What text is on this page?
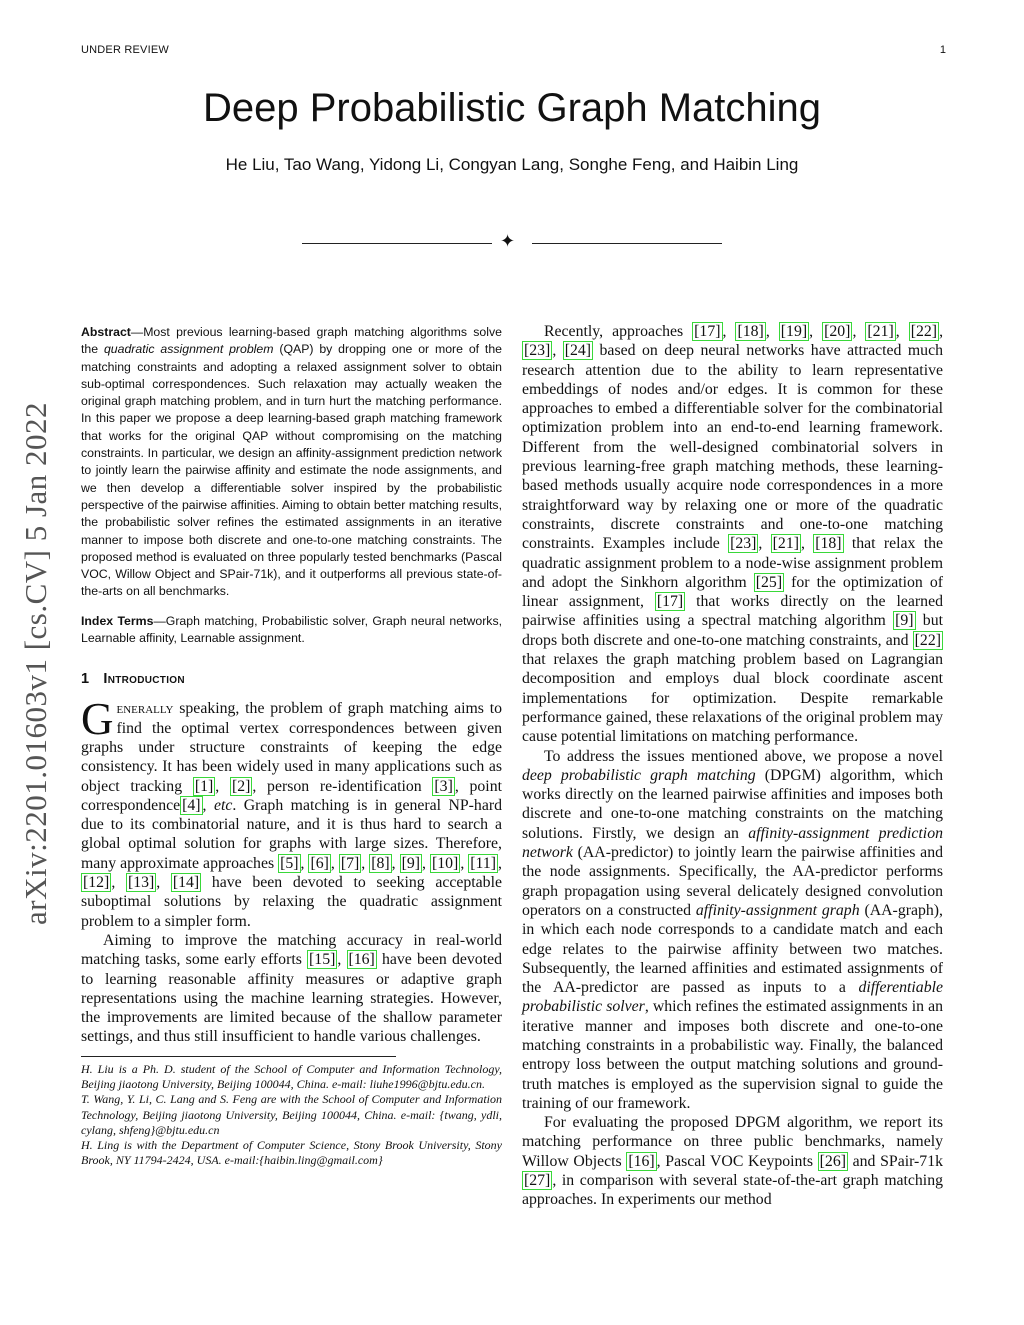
UNDER REVIEW	1
Deep Probabilistic Graph Matching
He Liu, Tao Wang, Yidong Li, Congyan Lang, Songhe Feng, and Haibin Ling
✦
arXiv:2201.01603v1 [cs.CV] 5 Jan 2022
Abstract—Most previous learning-based graph matching algorithms solve the quadratic assignment problem (QAP) by dropping one or more of the matching constraints and adopting a relaxed assignment solver to obtain sub-optimal correspondences. Such relaxation may actually weaken the original graph matching problem, and in turn hurt the matching performance. In this paper we propose a deep learning-based graph matching framework that works for the original QAP without compromising on the matching constraints. In particular, we design an affinity-assignment prediction network to jointly learn the pairwise affinity and estimate the node assignments, and we then develop a differentiable solver inspired by the probabilistic perspective of the pairwise affinities. Aiming to obtain better matching results, the probabilistic solver refines the estimated assignments in an iterative manner to impose both discrete and one-to-one matching constraints. The proposed method is evaluated on three popularly tested benchmarks (Pascal VOC, Willow Object and SPair-71k), and it outperforms all previous state-of-the-arts on all benchmarks.
Index Terms—Graph matching, Probabilistic solver, Graph neural networks, Learnable affinity, Learnable assignment.
1 Introduction
Generally speaking, the problem of graph matching aims to find the optimal vertex correspondences between given graphs under structure constraints of keeping the edge consistency. It has been widely used in many applications such as object tracking [1] , [2] , person re-identification [3] , point correspondence [4] , etc. Graph matching is in general NP-hard due to its combinatorial nature, and it is thus hard to search a global optimal solution for graphs with large sizes. Therefore, many approximate approaches [5] , [6] , [7] , [8] , [9] , [10] , [11] , [12] , [13] , [14] have been devoted to seeking acceptable suboptimal solutions by relaxing the quadratic assignment problem to a simpler form.
Aiming to improve the matching accuracy in real-world matching tasks, some early efforts [15] , [16] have been devoted to learning reasonable affinity measures or adaptive graph representations using the machine learning strategies. However, the improvements are limited because of the shallow parameter settings, and thus still insufficient to handle various challenges.
H. Liu is a Ph. D. student of the School of Computer and Information Technology, Beijing jiaotong University, Beijing 100044, China. e-mail: liuhe1996@bjtu.edu.cn.
T. Wang, Y. Li, C. Lang and S. Feng are with the School of Computer and Information Technology, Beijing jiaotong University, Beijing 100044, China. e-mail: {twang, ydli, cylang, shfeng}@bjtu.edu.cn
H. Ling is with the Department of Computer Science, Stony Brook University, Stony Brook, NY 11794-2424, USA. e-mail:{haibin.ling@gmail.com}
Recently, approaches [17] , [18] , [19] , [20] , [21] , [22] , [23] , [24] based on deep neural networks have attracted much research attention due to the ability to learn representative embeddings of nodes and/or edges. It is common for these approaches to embed a differentiable solver for the combinatorial optimization problem into an end-to-end learning framework. Different from the well-designed combinatorial solvers in previous learning-free graph matching methods, these learning-based methods usually acquire node correspondences in a more straightforward way by relaxing one or more of the quadratic constraints, discrete constraints and one-to-one matching constraints. Examples include [23] , [21] , [18] that relax the quadratic assignment problem to a node-wise assignment problem and adopt the Sinkhorn algorithm [25] for the optimization of linear assignment, [17] that works directly on the learned pairwise affinities using a spectral matching algorithm [9] but drops both discrete and one-to-one matching constraints, and [22] that relaxes the graph matching problem based on Lagrangian decomposition and employs dual block coordinate ascent implementations for optimization. Despite remarkable performance gained, these relaxations of the original problem may cause potential limitations on matching performance.
To address the issues mentioned above, we propose a novel deep probabilistic graph matching (DPGM) algorithm, which works directly on the learned pairwise affinities and imposes both discrete and one-to-one matching constraints on the matching solutions. Firstly, we design an affinity-assignment prediction network (AA-predictor) to jointly learn the pairwise affinities and the node assignments. Specifically, the AA-predictor performs graph propagation using several delicately designed convolution operators on a constructed affinity-assignment graph (AA-graph), in which each node corresponds to a candidate match and each edge relates to the pairwise affinity between two matches. Subsequently, the learned affinities and estimated assignments of the AA-predictor are passed as inputs to a differentiable probabilistic solver, which refines the estimated assignments in an iterative manner and imposes both discrete and one-to-one matching constraints in a probabilistic way. Finally, the balanced entropy loss between the output matching solutions and ground-truth matches is employed as the supervision signal to guide the training of our framework.
For evaluating the proposed DPGM algorithm, we report its matching performance on three public benchmarks, namely Willow Objects [16] , Pascal VOC Keypoints [26] and SPair-71k [27] , in comparison with several state-of-the-art graph matching approaches. In experiments our method
